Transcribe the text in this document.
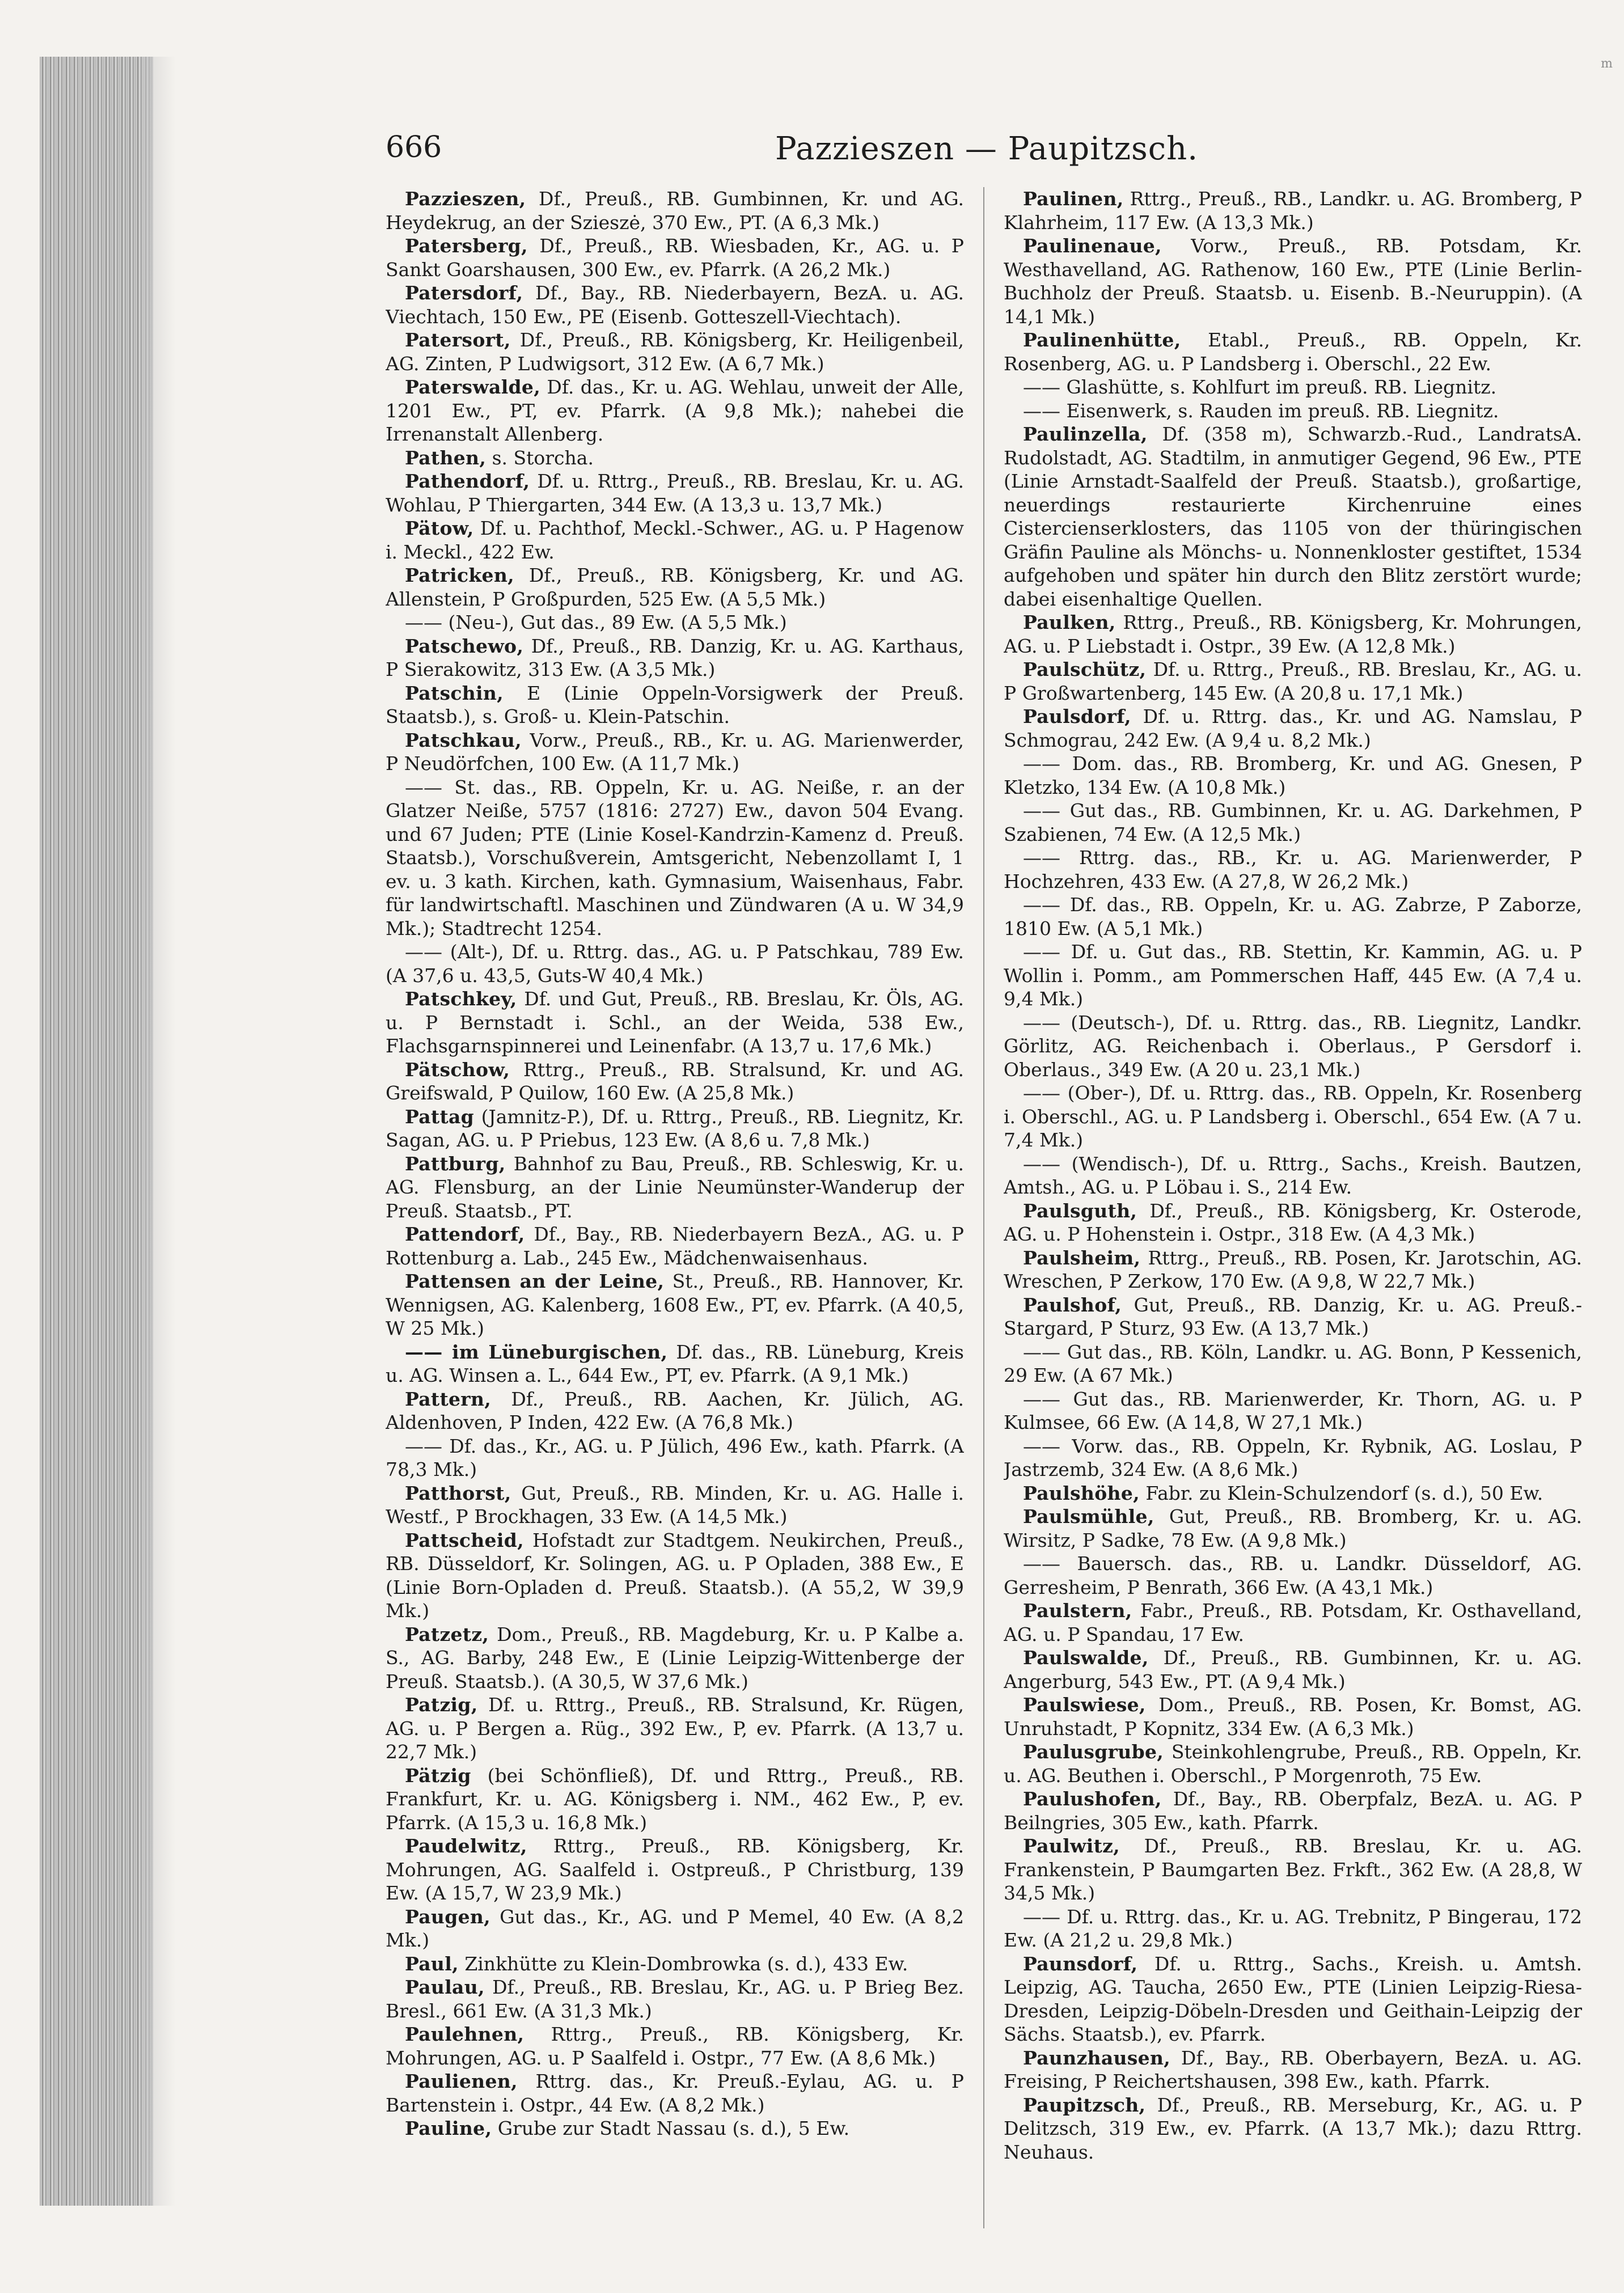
m
666	Pazzieszen — Paupitzsch.

Pazzieszen, Df., Preuß., RB. Gumbinnen, Kr. und AG. Heydekrug, an der Szieszė, 370 Ew., PT. (A 6,3 Mk.)

Patersberg, Df., Preuß., RB. Wiesbaden, Kr., AG. u. P Sankt Goarshausen, 300 Ew., ev. Pfarrk. (A 26,2 Mk.)

Patersdorf, Df., Bay., RB. Niederbayern, BezA. u. AG. Viechtach, 150 Ew., PE (Eisenb. Gotteszell-Viechtach).

Patersort, Df., Preuß., RB. Königsberg, Kr. Heiligenbeil, AG. Zinten, P Ludwigsort, 312 Ew. (A 6,7 Mk.)

Paterswalde, Df. das., Kr. u. AG. Wehlau, unweit der Alle, 1201 Ew., PT, ev. Pfarrk. (A 9,8 Mk.); nahebei die Irrenanstalt Allenberg.

Pathen, s. Storcha.

Pathendorf, Df. u. Rttrg., Preuß., RB. Breslau, Kr. u. AG. Wohlau, P Thiergarten, 344 Ew. (A 13,3 u. 13,7 Mk.)

Pätow, Df. u. Pachthof, Meckl.-Schwer., AG. u. P Hagenow i. Meckl., 422 Ew.

Patricken, Df., Preuß., RB. Königsberg, Kr. und AG. Allenstein, P Großpurden, 525 Ew. (A 5,5 Mk.)

—— (Neu-), Gut das., 89 Ew. (A 5,5 Mk.)

Patschewo, Df., Preuß., RB. Danzig, Kr. u. AG. Karthaus, P Sierakowitz, 313 Ew. (A 3,5 Mk.)

Patschin, E (Linie Oppeln-Vorsigwerk der Preuß. Staatsb.), s. Groß- u. Klein-Patschin.

Patschkau, Vorw., Preuß., RB., Kr. u. AG. Marienwerder, P Neudörfchen, 100 Ew. (A 11,7 Mk.)

—— St. das., RB. Oppeln, Kr. u. AG. Neiße, r. an der Glatzer Neiße, 5757 (1816: 2727) Ew., davon 504 Evang. und 67 Juden; PTE (Linie Kosel-Kandrzin-Kamenz d. Preuß. Staatsb.), Vorschußverein, Amtsgericht, Nebenzollamt I, 1 ev. u. 3 kath. Kirchen, kath. Gymnasium, Waisenhaus, Fabr. für landwirtschaftl. Maschinen und Zündwaren (A u. W 34,9 Mk.); Stadtrecht 1254.

—— (Alt-), Df. u. Rttrg. das., AG. u. P Patschkau, 789 Ew. (A 37,6 u. 43,5, Guts-W 40,4 Mk.)

Patschkey, Df. und Gut, Preuß., RB. Breslau, Kr. Öls, AG. u. P Bernstadt i. Schl., an der Weida, 538 Ew., Flachsgarnspinnerei und Leinenfabr. (A 13,7 u. 17,6 Mk.)

Pätschow, Rttrg., Preuß., RB. Stralsund, Kr. und AG. Greifswald, P Quilow, 160 Ew. (A 25,8 Mk.)

Pattag (Jamnitz-P.), Df. u. Rttrg., Preuß., RB. Liegnitz, Kr. Sagan, AG. u. P Priebus, 123 Ew. (A 8,6 u. 7,8 Mk.)

Pattburg, Bahnhof zu Bau, Preuß., RB. Schleswig, Kr. u. AG. Flensburg, an der Linie Neumünster-Wanderup der Preuß. Staatsb., PT.

Pattendorf, Df., Bay., RB. Niederbayern BezA., AG. u. P Rottenburg a. Lab., 245 Ew., Mädchenwaisenhaus.

Pattensen an der Leine, St., Preuß., RB. Hannover, Kr. Wennigsen, AG. Kalenberg, 1608 Ew., PT, ev. Pfarrk. (A 40,5, W 25 Mk.)

—— im Lüneburgischen, Df. das., RB. Lüneburg, Kreis u. AG. Winsen a. L., 644 Ew., PT, ev. Pfarrk. (A 9,1 Mk.)

Pattern, Df., Preuß., RB. Aachen, Kr. Jülich, AG. Aldenhoven, P Inden, 422 Ew. (A 76,8 Mk.)

—— Df. das., Kr., AG. u. P Jülich, 496 Ew., kath. Pfarrk. (A 78,3 Mk.)

Patthorst, Gut, Preuß., RB. Minden, Kr. u. AG. Halle i. Westf., P Brockhagen, 33 Ew. (A 14,5 Mk.)

Pattscheid, Hofstadt zur Stadtgem. Neukirchen, Preuß., RB. Düsseldorf, Kr. Solingen, AG. u. P Opladen, 388 Ew., E (Linie Born-Opladen d. Preuß. Staatsb.). (A 55,2, W 39,9 Mk.)

Patzetz, Dom., Preuß., RB. Magdeburg, Kr. u. P Kalbe a. S., AG. Barby, 248 Ew., E (Linie Leipzig-Wittenberge der Preuß. Staatsb.). (A 30,5, W 37,6 Mk.)

Patzig, Df. u. Rttrg., Preuß., RB. Stralsund, Kr. Rügen, AG. u. P Bergen a. Rüg., 392 Ew., P, ev. Pfarrk. (A 13,7 u. 22,7 Mk.)

Pätzig (bei Schönfließ), Df. und Rttrg., Preuß., RB. Frankfurt, Kr. u. AG. Königsberg i. NM., 462 Ew., P, ev. Pfarrk. (A 15,3 u. 16,8 Mk.)

Paudelwitz, Rttrg., Preuß., RB. Königsberg, Kr. Mohrungen, AG. Saalfeld i. Ostpreuß., P Christburg, 139 Ew. (A 15,7, W 23,9 Mk.)

Paugen, Gut das., Kr., AG. und P Memel, 40 Ew. (A 8,2 Mk.)

Paul, Zinkhütte zu Klein-Dombrowka (s. d.), 433 Ew.

Paulau, Df., Preuß., RB. Breslau, Kr., AG. u. P Brieg Bez. Bresl., 661 Ew. (A 31,3 Mk.)

Paulehnen, Rttrg., Preuß., RB. Königsberg, Kr. Mohrungen, AG. u. P Saalfeld i. Ostpr., 77 Ew. (A 8,6 Mk.)

Paulienen, Rttrg. das., Kr. Preuß.-Eylau, AG. u. P Bartenstein i. Ostpr., 44 Ew. (A 8,2 Mk.)

Pauline, Grube zur Stadt Nassau (s. d.), 5 Ew.

Paulinen, Rttrg., Preuß., RB., Landkr. u. AG. Bromberg, P Klahrheim, 117 Ew. (A 13,3 Mk.)

Paulinenaue, Vorw., Preuß., RB. Potsdam, Kr. Westhavelland, AG. Rathenow, 160 Ew., PTE (Linie Berlin-Buchholz der Preuß. Staatsb. u. Eisenb. B.-Neuruppin). (A 14,1 Mk.)

Paulinenhütte, Etabl., Preuß., RB. Oppeln, Kr. Rosenberg, AG. u. P Landsberg i. Oberschl., 22 Ew.

—— Glashütte, s. Kohlfurt im preuß. RB. Liegnitz.

—— Eisenwerk, s. Rauden im preuß. RB. Liegnitz.

Paulinzella, Df. (358 m), Schwarzb.-Rud., LandratsA. Rudolstadt, AG. Stadtilm, in anmutiger Gegend, 96 Ew., PTE (Linie Arnstadt-Saalfeld der Preuß. Staatsb.), großartige, neuerdings restaurierte Kirchenruine eines Cistercienserklosters, das 1105 von der thüringischen Gräfin Pauline als Mönchs- u. Nonnenkloster gestiftet, 1534 aufgehoben und später hin durch den Blitz zerstört wurde; dabei eisenhaltige Quellen.

Paulken, Rttrg., Preuß., RB. Königsberg, Kr. Mohrungen, AG. u. P Liebstadt i. Ostpr., 39 Ew. (A 12,8 Mk.)

Paulschütz, Df. u. Rttrg., Preuß., RB. Breslau, Kr., AG. u. P Großwartenberg, 145 Ew. (A 20,8 u. 17,1 Mk.)

Paulsdorf, Df. u. Rttrg. das., Kr. und AG. Namslau, P Schmograu, 242 Ew. (A 9,4 u. 8,2 Mk.)

—— Dom. das., RB. Bromberg, Kr. und AG. Gnesen, P Kletzko, 134 Ew. (A 10,8 Mk.)

—— Gut das., RB. Gumbinnen, Kr. u. AG. Darkehmen, P Szabienen, 74 Ew. (A 12,5 Mk.)

—— Rttrg. das., RB., Kr. u. AG. Marienwerder, P Hochzehren, 433 Ew. (A 27,8, W 26,2 Mk.)

—— Df. das., RB. Oppeln, Kr. u. AG. Zabrze, P Zaborze, 1810 Ew. (A 5,1 Mk.)

—— Df. u. Gut das., RB. Stettin, Kr. Kammin, AG. u. P Wollin i. Pomm., am Pommerschen Haff, 445 Ew. (A 7,4 u. 9,4 Mk.)

—— (Deutsch-), Df. u. Rttrg. das., RB. Liegnitz, Landkr. Görlitz, AG. Reichenbach i. Oberlaus., P Gersdorf i. Oberlaus., 349 Ew. (A 20 u. 23,1 Mk.)

—— (Ober-), Df. u. Rttrg. das., RB. Oppeln, Kr. Rosenberg i. Oberschl., AG. u. P Landsberg i. Oberschl., 654 Ew. (A 7 u. 7,4 Mk.)

—— (Wendisch-), Df. u. Rttrg., Sachs., Kreish. Bautzen, Amtsh., AG. u. P Löbau i. S., 214 Ew.

Paulsguth, Df., Preuß., RB. Königsberg, Kr. Osterode, AG. u. P Hohenstein i. Ostpr., 318 Ew. (A 4,3 Mk.)

Paulsheim, Rttrg., Preuß., RB. Posen, Kr. Jarotschin, AG. Wreschen, P Zerkow, 170 Ew. (A 9,8, W 22,7 Mk.)

Paulshof, Gut, Preuß., RB. Danzig, Kr. u. AG. Preuß.-Stargard, P Sturz, 93 Ew. (A 13,7 Mk.)

—— Gut das., RB. Köln, Landkr. u. AG. Bonn, P Kessenich, 29 Ew. (A 67 Mk.)

—— Gut das., RB. Marienwerder, Kr. Thorn, AG. u. P Kulmsee, 66 Ew. (A 14,8, W 27,1 Mk.)

—— Vorw. das., RB. Oppeln, Kr. Rybnik, AG. Loslau, P Jastrzemb, 324 Ew. (A 8,6 Mk.)

Paulshöhe, Fabr. zu Klein-Schulzendorf (s. d.), 50 Ew.

Paulsmühle, Gut, Preuß., RB. Bromberg, Kr. u. AG. Wirsitz, P Sadke, 78 Ew. (A 9,8 Mk.)

—— Bauersch. das., RB. u. Landkr. Düsseldorf, AG. Gerresheim, P Benrath, 366 Ew. (A 43,1 Mk.)

Paulstern, Fabr., Preuß., RB. Potsdam, Kr. Osthavelland, AG. u. P Spandau, 17 Ew.

Paulswalde, Df., Preuß., RB. Gumbinnen, Kr. u. AG. Angerburg, 543 Ew., PT. (A 9,4 Mk.)

Paulswiese, Dom., Preuß., RB. Posen, Kr. Bomst, AG. Unruhstadt, P Kopnitz, 334 Ew. (A 6,3 Mk.)

Paulusgrube, Steinkohlengrube, Preuß., RB. Oppeln, Kr. u. AG. Beuthen i. Oberschl., P Morgenroth, 75 Ew.

Paulushofen, Df., Bay., RB. Oberpfalz, BezA. u. AG. P Beilngries, 305 Ew., kath. Pfarrk.

Paulwitz, Df., Preuß., RB. Breslau, Kr. u. AG. Frankenstein, P Baumgarten Bez. Frkft., 362 Ew. (A 28,8, W 34,5 Mk.)

—— Df. u. Rttrg. das., Kr. u. AG. Trebnitz, P Bingerau, 172 Ew. (A 21,2 u. 29,8 Mk.)

Paunsdorf, Df. u. Rttrg., Sachs., Kreish. u. Amtsh. Leipzig, AG. Taucha, 2650 Ew., PTE (Linien Leipzig-Riesa-Dresden, Leipzig-Döbeln-Dresden und Geithain-Leipzig der Sächs. Staatsb.), ev. Pfarrk.

Paunzhausen, Df., Bay., RB. Oberbayern, BezA. u. AG. Freising, P Reichertshausen, 398 Ew., kath. Pfarrk.

Paupitzsch, Df., Preuß., RB. Merseburg, Kr., AG. u. P Delitzsch, 319 Ew., ev. Pfarrk. (A 13,7 Mk.); dazu Rttrg. Neuhaus.
